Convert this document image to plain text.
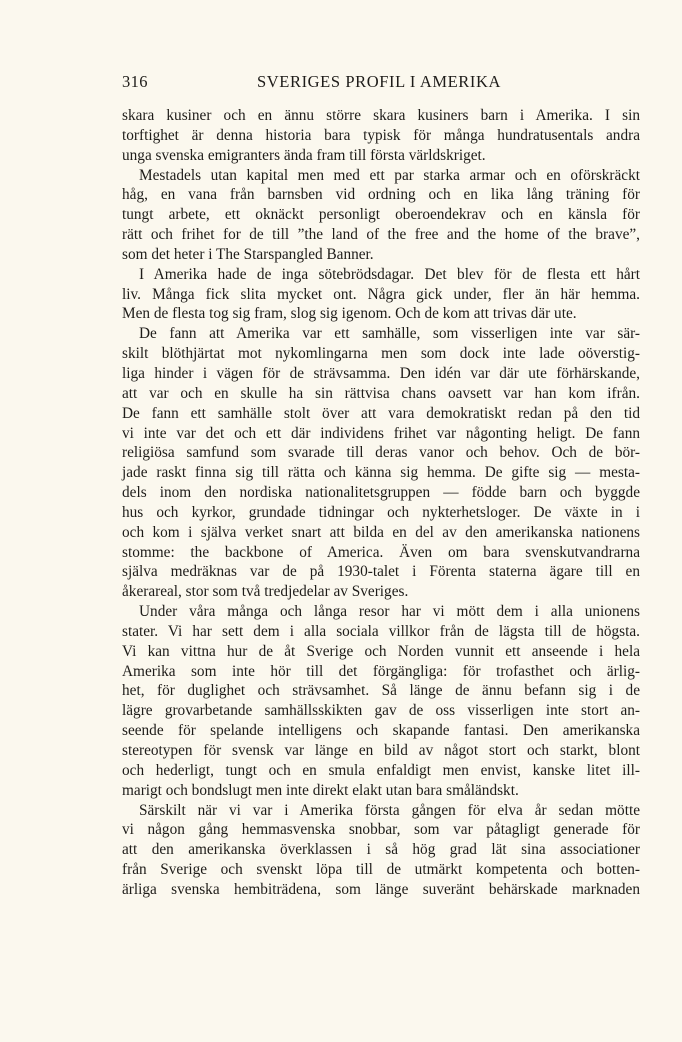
316	SVERIGES PROFIL I AMERIKA
skara kusiner och en ännu större skara kusiners barn i Amerika. I sin
torftighet är denna historia bara typisk för många hundratusentals andra
unga svenska emigranters ända fram till första världskriget.
Mestadels utan kapital men med ett par starka armar och en oförskräckt
håg, en vana från barnsben vid ordning och en lika lång träning för
tungt arbete, ett oknäckt personligt oberoendekrav och en känsla för
rätt och frihet for de till ”the land of the free and the home of the brave”,
som det heter i The Starspangled Banner.
I Amerika hade de inga sötebrödsdagar. Det blev för de flesta ett hårt
liv. Många fick slita mycket ont. Några gick under, fler än här hemma.
Men de flesta tog sig fram, slog sig igenom. Och de kom att trivas där ute.
De fann att Amerika var ett samhälle, som visserligen inte var sär-
skilt blöthjärtat mot nykomlingarna men som dock inte lade oöverstig-
liga hinder i vägen för de strävsamma. Den idén var där ute förhärskande,
att var och en skulle ha sin rättvisa chans oavsett var han kom ifrån.
De fann ett samhälle stolt över att vara demokratiskt redan på den tid
vi inte var det och ett där individens frihet var någonting heligt. De fann
religiösa samfund som svarade till deras vanor och behov. Och de bör-
jade raskt finna sig till rätta och känna sig hemma. De gifte sig — mesta-
dels inom den nordiska nationalitetsgruppen — födde barn och byggde
hus och kyrkor, grundade tidningar och nykterhetsloger. De växte in i
och kom i själva verket snart att bilda en del av den amerikanska nationens
stomme: the backbone of America. Även om bara svenskutvandrarna
själva medräknas var de på 1930-talet i Förenta staterna ägare till en
åkerareal, stor som två tredjedelar av Sveriges.
Under våra många och långa resor har vi mött dem i alla unionens
stater. Vi har sett dem i alla sociala villkor från de lägsta till de högsta.
Vi kan vittna hur de åt Sverige och Norden vunnit ett anseende i hela
Amerika som inte hör till det förgängliga: för trofasthet och ärlig-
het, för duglighet och strävsamhet. Så länge de ännu befann sig i de
lägre grovarbetande samhällsskikten gav de oss visserligen inte stort an-
seende för spelande intelligens och skapande fantasi. Den amerikanska
stereotypen för svensk var länge en bild av något stort och starkt, blont
och hederligt, tungt och en smula enfaldigt men envist, kanske litet ill-
marigt och bondslugt men inte direkt elakt utan bara småländskt.
Särskilt när vi var i Amerika första gången för elva år sedan mötte
vi någon gång hemmasvenska snobbar, som var påtagligt generade för
att den amerikanska överklassen i så hög grad lät sina associationer
från Sverige och svenskt löpa till de utmärkt kompetenta och botten-
ärliga svenska hembiträdena, som länge suveränt behärskade marknaden
